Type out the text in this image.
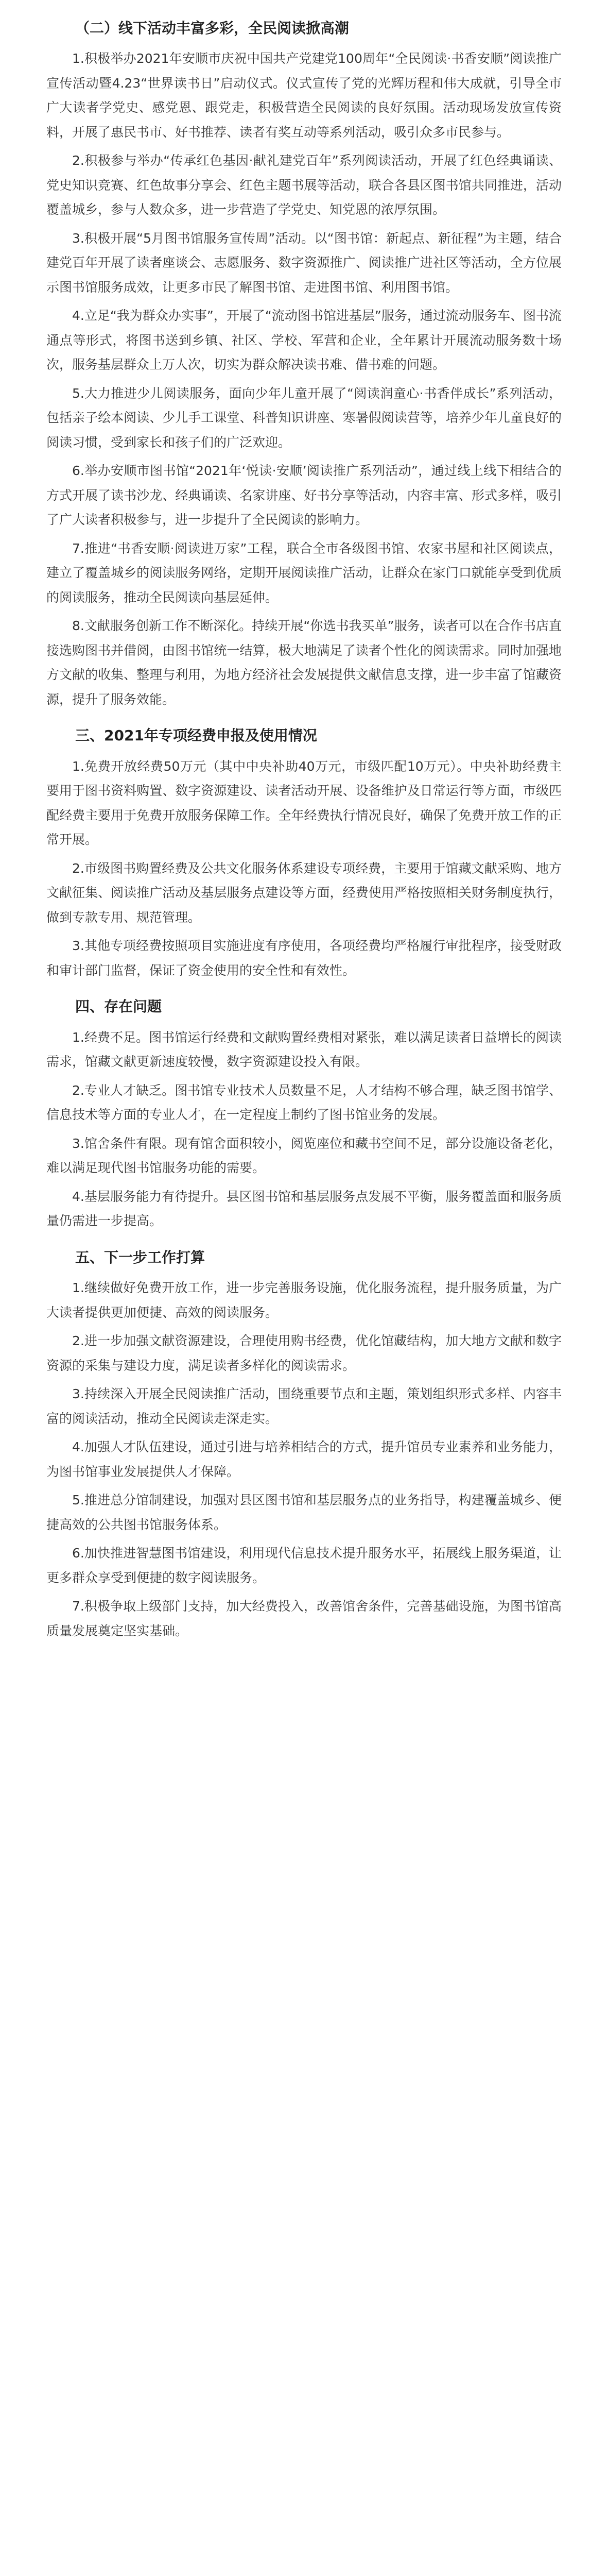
（二）线下活动丰富多彩，全民阅读掀高潮

1.积极举办2021年安顺市庆祝中国共产党建党100周年“全民阅读·书香安顺”阅读推广宣传活动暨4.23“世界读书日”启动仪式。仪式宣传了党的光辉历程和伟大成就，引导全市广大读者学党史、感党恩、跟党走，积极营造全民阅读的良好氛围。活动现场发放宣传资料，开展了惠民书市、好书推荐、读者有奖互动等系列活动，吸引众多市民参与。

2.积极参与举办“传承红色基因·献礼建党百年”系列阅读活动，开展了红色经典诵读、党史知识竞赛、红色故事分享会、红色主题书展等活动，联合各县区图书馆共同推进，活动覆盖城乡，参与人数众多，进一步营造了学党史、知党恩的浓厚氛围。

3.积极开展“5月图书馆服务宣传周”活动。以“图书馆：新起点、新征程”为主题，结合建党百年开展了读者座谈会、志愿服务、数字资源推广、阅读推广进社区等活动，全方位展示图书馆服务成效，让更多市民了解图书馆、走进图书馆、利用图书馆。

4.立足“我为群众办实事”，开展了“流动图书馆进基层”服务，通过流动服务车、图书流通点等形式，将图书送到乡镇、社区、学校、军营和企业，全年累计开展流动服务数十场次，服务基层群众上万人次，切实为群众解决读书难、借书难的问题。

5.大力推进少儿阅读服务，面向少年儿童开展了“阅读润童心·书香伴成长”系列活动，包括亲子绘本阅读、少儿手工课堂、科普知识讲座、寒暑假阅读营等，培养少年儿童良好的阅读习惯，受到家长和孩子们的广泛欢迎。

6.举办安顺市图书馆“2021年‘悦读·安顺’阅读推广系列活动”，通过线上线下相结合的方式开展了读书沙龙、经典诵读、名家讲座、好书分享等活动，内容丰富、形式多样，吸引了广大读者积极参与，进一步提升了全民阅读的影响力。

7.推进“书香安顺·阅读进万家”工程，联合全市各级图书馆、农家书屋和社区阅读点，建立了覆盖城乡的阅读服务网络，定期开展阅读推广活动，让群众在家门口就能享受到优质的阅读服务，推动全民阅读向基层延伸。

8.文献服务创新工作不断深化。持续开展“你选书我买单”服务，读者可以在合作书店直接选购图书并借阅，由图书馆统一结算，极大地满足了读者个性化的阅读需求。同时加强地方文献的收集、整理与利用，为地方经济社会发展提供文献信息支撑，进一步丰富了馆藏资源，提升了服务效能。

三、2021年专项经费申报及使用情况

1.免费开放经费50万元（其中中央补助40万元，市级匹配10万元）。中央补助经费主要用于图书资料购置、数字资源建设、读者活动开展、设备维护及日常运行等方面，市级匹配经费主要用于免费开放服务保障工作。全年经费执行情况良好，确保了免费开放工作的正常开展。

2.市级图书购置经费及公共文化服务体系建设专项经费，主要用于馆藏文献采购、地方文献征集、阅读推广活动及基层服务点建设等方面，经费使用严格按照相关财务制度执行，做到专款专用、规范管理。

3.其他专项经费按照项目实施进度有序使用，各项经费均严格履行审批程序，接受财政和审计部门监督，保证了资金使用的安全性和有效性。

四、存在问题

1.经费不足。图书馆运行经费和文献购置经费相对紧张，难以满足读者日益增长的阅读需求，馆藏文献更新速度较慢，数字资源建设投入有限。

2.专业人才缺乏。图书馆专业技术人员数量不足，人才结构不够合理，缺乏图书馆学、信息技术等方面的专业人才，在一定程度上制约了图书馆业务的发展。

3.馆舍条件有限。现有馆舍面积较小，阅览座位和藏书空间不足，部分设施设备老化，难以满足现代图书馆服务功能的需要。

4.基层服务能力有待提升。县区图书馆和基层服务点发展不平衡，服务覆盖面和服务质量仍需进一步提高。

五、下一步工作打算

1.继续做好免费开放工作，进一步完善服务设施，优化服务流程，提升服务质量，为广大读者提供更加便捷、高效的阅读服务。

2.进一步加强文献资源建设，合理使用购书经费，优化馆藏结构，加大地方文献和数字资源的采集与建设力度，满足读者多样化的阅读需求。

3.持续深入开展全民阅读推广活动，围绕重要节点和主题，策划组织形式多样、内容丰富的阅读活动，推动全民阅读走深走实。

4.加强人才队伍建设，通过引进与培养相结合的方式，提升馆员专业素养和业务能力，为图书馆事业发展提供人才保障。

5.推进总分馆制建设，加强对县区图书馆和基层服务点的业务指导，构建覆盖城乡、便捷高效的公共图书馆服务体系。

6.加快推进智慧图书馆建设，利用现代信息技术提升服务水平，拓展线上服务渠道，让更多群众享受到便捷的数字阅读服务。

7.积极争取上级部门支持，加大经费投入，改善馆舍条件，完善基础设施，为图书馆高质量发展奠定坚实基础。
